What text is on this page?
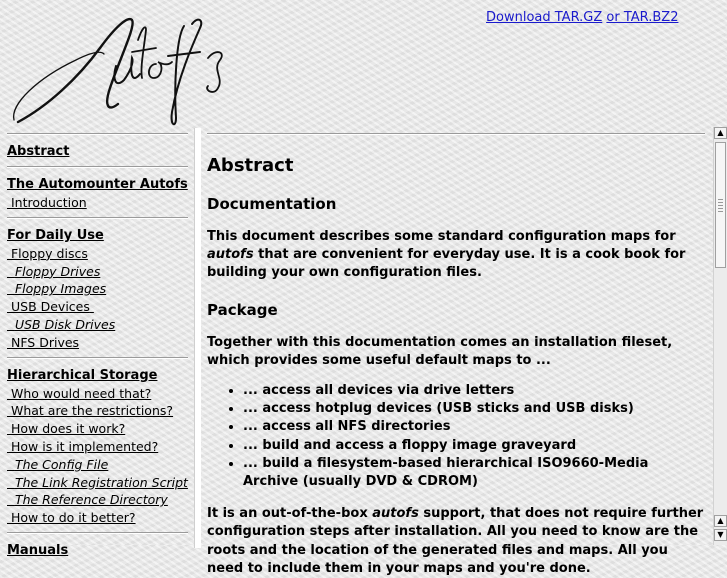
Download TAR.GZ or TAR.BZ2
Abstract
The Automounter Autofs
Introduction
For Daily Use
Floppy discs
Floppy Drives
Floppy Images
USB Devices
USB Disk Drives
NFS Drives
Hierarchical Storage
Who would need that?
What are the restrictions?
How does it work?
How is it implemented?
The Config File
The Link Registration Script
The Reference Directory
How to do it better?
Manuals
Abstract
Documentation

This document describes some standard configuration maps for autofs that are convenient for everyday use. It is a cook book for building your own configuration files.

Package

Together with this documentation comes an installation fileset, which provides some useful default maps to ...

• ... access all devices via drive letters
• ... access hotplug devices (USB sticks and USB disks)
• ... access all NFS directories
• ... build and access a floppy image graveyard
• ... build a filesystem-based hierarchical ISO9660-Media Archive (usually DVD & CDROM)

It is an out-of-the-box autofs support, that does not require further configuration steps after installation. All you need to know are the roots and the location of the generated files and maps. All you need to include them in your maps and you're done.

▲
▲
▼
